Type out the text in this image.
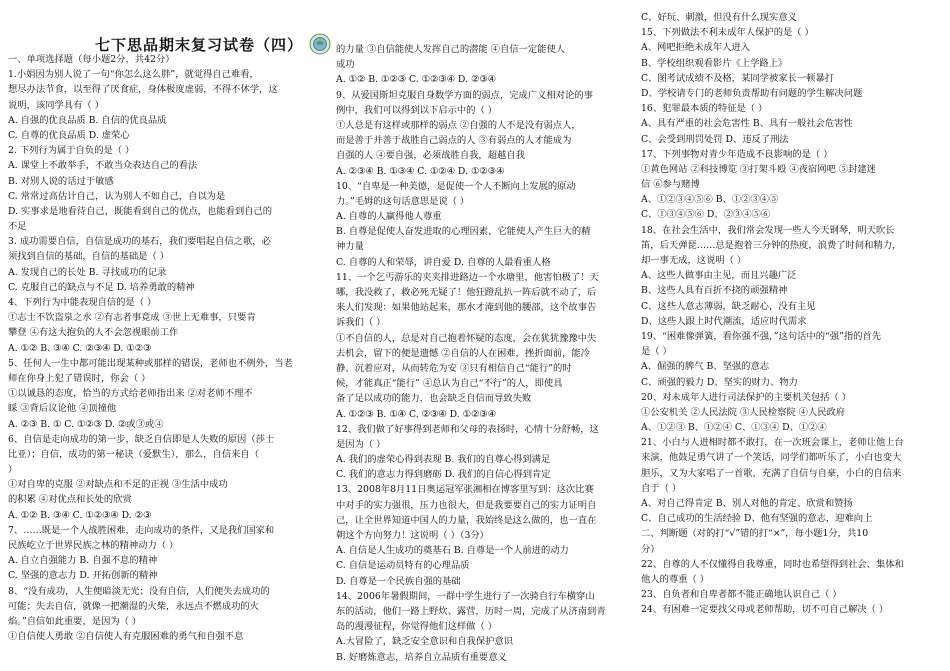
七下思品期末复习试卷（四）
一、单项选择题（每小题2分，共42分）
1.小娟因为别人说了一句“你怎么这么胖”，就觉得自己难看，
想尽办法节食，以至得了厌食症，身体极度虚弱，不得不休学，这
说明，该同学具有（ ）
A. 自强的优良品质 B. 自信的优良品质
C. 自尊的优良品质 D. 虚荣心
2. 下列行为属于自负的是（ ）
A. 课堂上不敢举手，不敢当众表达自己的看法
B. 对别人说的话过于敏感
C. 常常过高估计自己，认为别人不如自己，自以为是
D. 实事求是地看待自己，既能看到自己的优点，也能看到自己的
不足
3. 成功需要自信，自信是成功的基石，我们要唱起自信之歌，必
须找到自信的基础，自信的基础是（ ）
A. 发现自己的长处 B. 寻找成功的记录
C. 克服自己的缺点与不足 D. 培养勇敢的精神
4、下列行为中能表现自信的是（ ）
①志士不饮盗泉之水 ②有志者事竟成 ③世上无难事，只要肯
攀登 ④有这大抱负的人不会忽视眼前工作
A. ①② B. ③④ C. ②③④ D. ①②③
5、任何人一生中都可能出现某种或那样的错误，老师也不例外，当老
师在你身上犯了错误时，你会（ ）
①以诚恳的态度，恰当的方式给老师指出来 ②对老师不理不
睬 ③背后议论他 ④顶撞他
A. ②③ B. ① C. ①②③ D. ②或③或④
6、自信是走向成功的第一步，缺乏自信即是人失败的原因（莎士
比亚）；自信，成功的第一秘诀（爱默生），那么，自信来自（
）
①对自卑的克服 ②对缺点和不足的正视 ③生活中成功
的积累 ④对优点和长处的欣赏
A. ①② B. ③④ C. ①②③④ D. ②③
7、……既是一个人战胜困难，走向成功的条件，又是我们国家和
民族屹立于世界民族之林的精神动力（ ）
A. 自立自强能力 B. 自强不息的精神
C. 坚强的意志力 D. 开拓创新的精神
8、“没有成功，人生便暗淡无光；没有自信，人们便失去成功的
可能；失去自信，就像一把潮湿的火柴，永远点不燃成功的火
焰。”自信如此重要，是因为（ ）
①自信使人勇敢 ②自信使人有克服困难的勇气和自强不息
的力量 ③自信能使人发挥自己的潜能 ④自信一定能使人
成功
A. ①② B. ①②③ C. ①②③④ D. ②③④
9、从爱国斯坦克服自身数学方面的弱点，完成广义相对论的事
例中，我们可以得到以下启示中的（ ）
①人总是有这样或那样的弱点 ②自强的人不是没有弱点人，
而是善于并善于战胜自己弱点的人 ③有弱点的人才能成为
自强的人 ④要自强，必须战胜自我，超越自我
A. ②③④ B. ①③④ C. ①②④ D. ①②③④
10、“自卑是一种美德，是促使一个人不断向上发展的原动
力。”毛姆的这句话意思是说（ ）
A. 自尊的人赢得他人尊重
B. 自尊是促使人奋发进取的心理因素，它能使人产生巨大的精
神力量
C. 自尊的人和荣辱，讲自爱 D. 自尊的人最看重人格
11、一个乞丐游乐的夹夹排进路边一个水塘里，他害怕极了！天
哪，我没救了，救必死无疑了！他狂蹬乱扒一阵后就不动了，后
来人们发现：如果他站起来，那水才淹到他的腰部，这个故事告
诉我们（ ）
①不自信的人，总是对自己抱着怀疑的态度，会在犹犹豫豫中失
去机会，留下的便是遗憾 ②自信的人在困难，挫折面前，能冷
静、沉着应对，从而转危为安 ③只有相信自己“能行”的时
候，才能真正“能行” ④总认为自己“不行”的人，即使具
备了足以成功的能力，也会缺乏自信而导致失败
A. ①②③ B. ①④ C. ②③④ D. ①②③④
12、我们做了好事得到老师和父母的表扬时，心情十分舒畅，这
是因为（ ）
A. 我们的虚荣心得到表现 B. 我们的自尊心得到满足
C. 我们的意志力得到磨砺 D. 我们的自信心得到肯定
13、2008年8月11日奥运冠军张湘相在博客里写到：这次比赛
中对手的实力强很，压力也很大，但是我要要自己的实力证明自
己，让全世界知道中国人的力量，我始终是这么做的，也一直在
朝这个方向努力！这说明（ ）（3分）
A. 自信是人生成功的奠基石 B. 自尊是一个人前进的动力
C. 自信是运动员特有的心理品质
D. 自尊是一个民族自强的基础
14、2006年暑假期间，一群中学生进行了一次骑自行车横穿山
东的活动，他们一路上野炊、露营，历时一周，完成了从济南到青
岛的漫漫征程，你觉得他们这样做（ ）
A.大冒险了，缺乏安全意识和自我保护意识
B. 好磨炼意志，培养自立品质有重要意义
C、好玩、刺激，但没有什么现实意义
15、下列做法不利未成年人保护的是（ ）
A、网吧拒绝未成年人进入
B、学校组织观看影片《上学路上》
C、图考试成绩不及格，某同学被家长一顿暴打
D、学校请专门的老师负责帮助有问题的学生解决问题
16、犯罪最本质的特征是（ ）
A、具有严重的社会危害性 B、具有一般社会危害性
C、会受到刑罚处罚 D、违反了刑法
17、下列事物对青少年造成不良影响的是（ ）
①黄色网站 ②科技博览 ③打架斗殴 ④夜宿网吧 ⑤封建迷
信 ⑥参与赌博
A、①②③④⑤⑥ B、①②③④⑤
C、①③④⑤⑥ D、②③④⑤⑥
18、在社会生活中，我们常会发现一些人今天钢琴，明天吹长
笛，后天弹琵……总是抱着三分钟的热度，浪费了时间和精力，
却一事无成，这说明（ ）
A、这些人做事由主见，而且兴趣广泛
B、这些人具有百折不挠的顽强精神
C、这些人意志薄弱，缺乏耐心，没有主见
D、这些人跟上时代潮流，适应时代需求
19、“困难像弹簧，看你强不强，”这句话中的“强”指的首先
是（ ）
A、倔强的脾气 B、坚强的意志
C、顽强的毅力 D、坚实的财力、物力
20、对未成年人进行司法保护的主要机关包括（ ）
①公安机关 ②人民法院 ③人民检察院 ④人民政府
A、①②③ B、①②④ C、①③④ D、①②④
21、小白与人进相时都不敢打，在一次班会课上，老师让他上台
来演，他鼓足勇气讲了一个笑话，同学们都听乐了，小白也变大
胆乐，又为大家唱了一首歌，充满了自信与自豪，小白的自信来
自于（ ）
A、对自己得肯定 B、别人对他的肯定、欣赏和赞扬
C、自己成功的生活经验 D、他有坚强的意志，迎难向上
二、判断题（对的打“√”错的打“×”，每小题1分，共10
分）
22、自尊的人不仅懂得自我尊重，同时也希望得到社会、集体和
他人的尊重（ ）
23、自负者和自卑者都不能正确地认识自己（ ）
24、有困难一定要找父母或老师帮助，切不可自己解决（ ）
